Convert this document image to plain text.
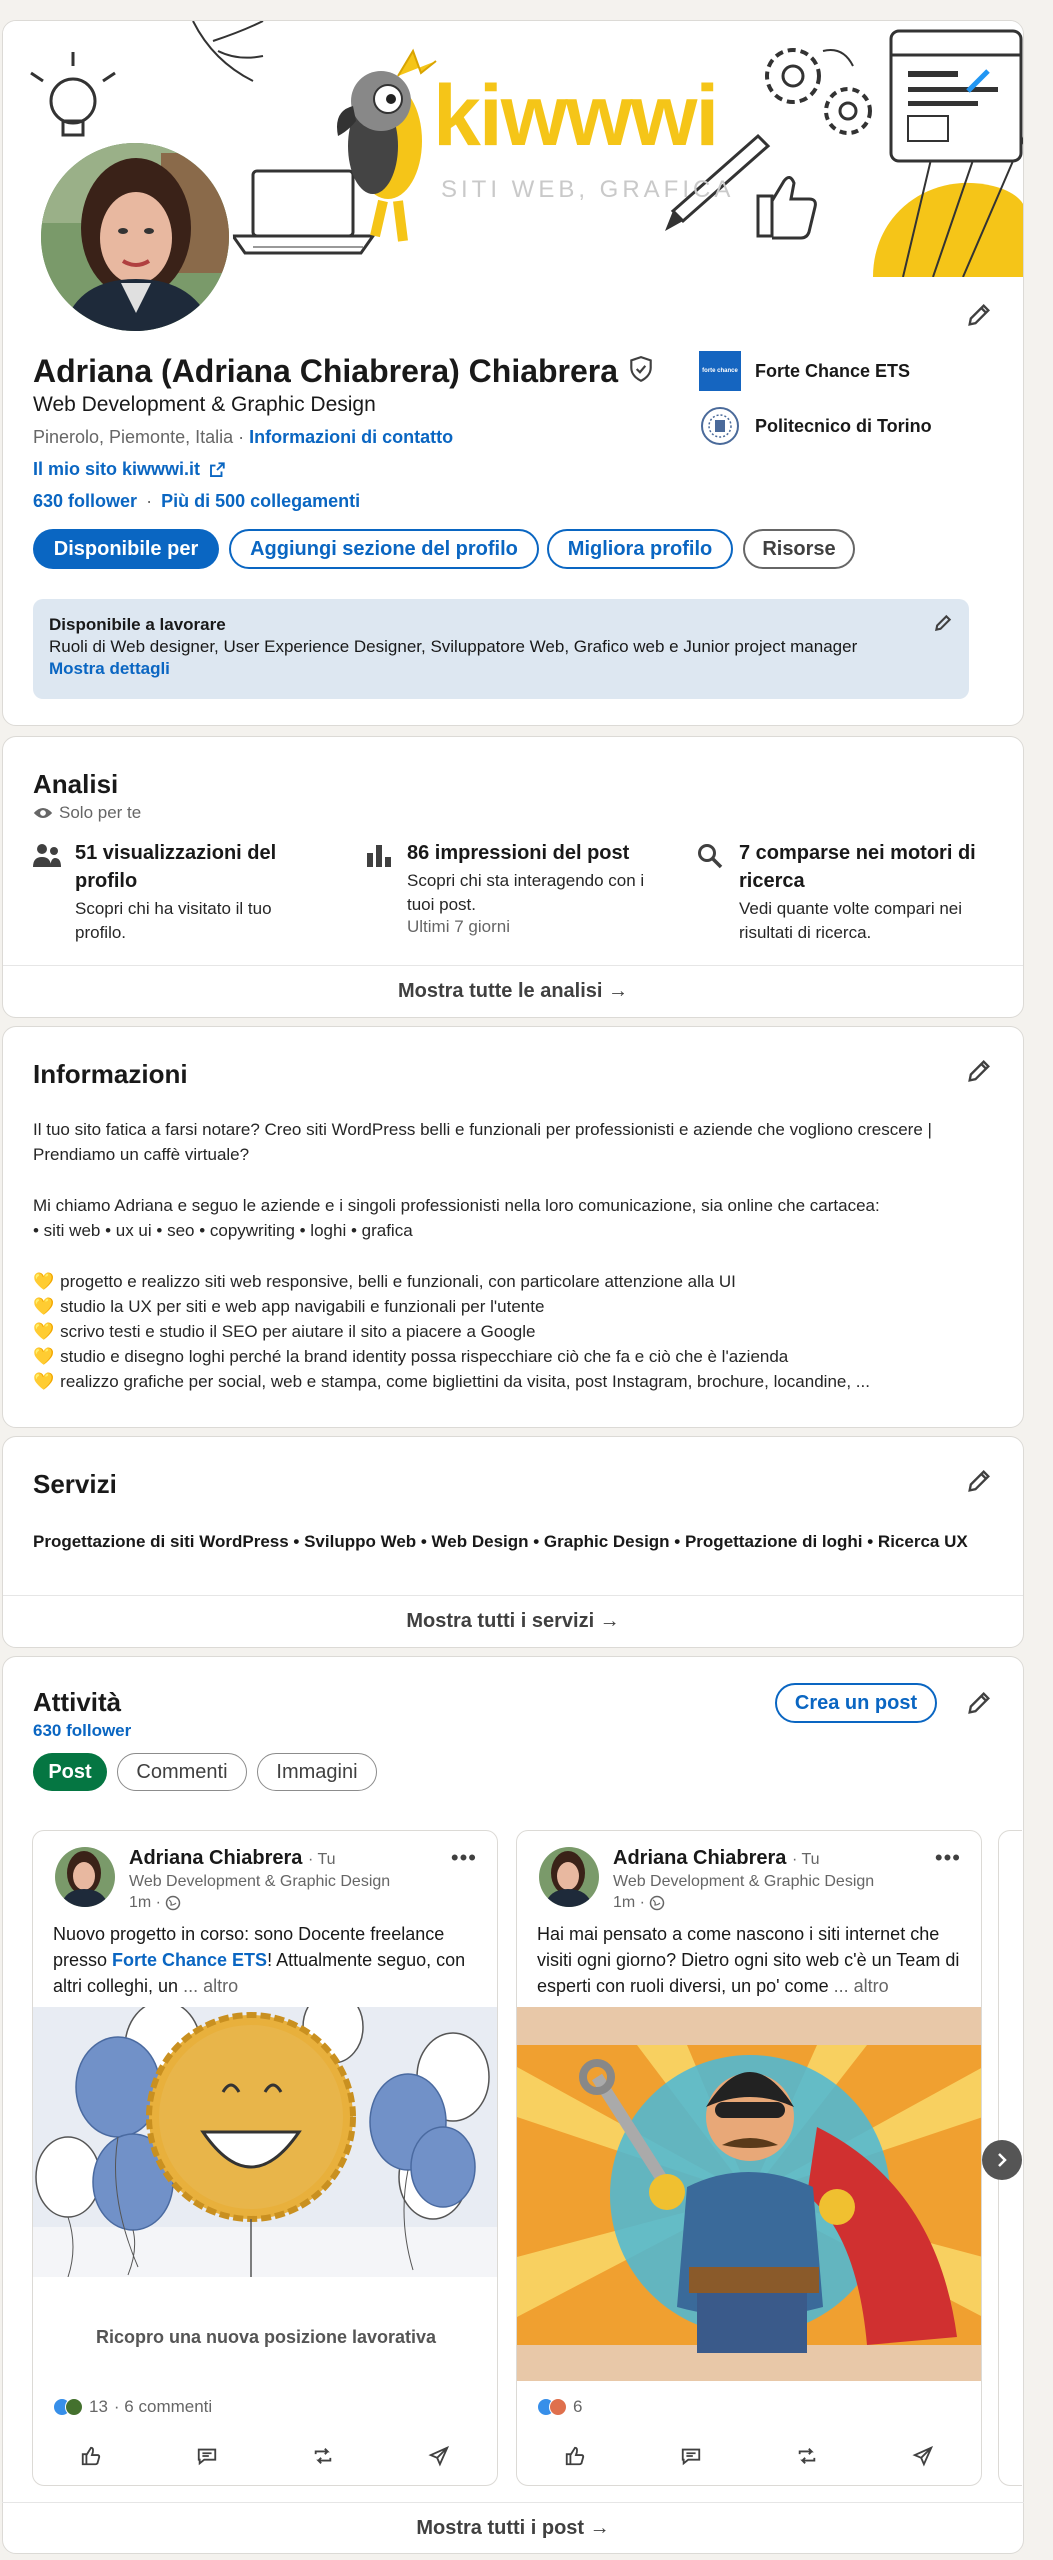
kiwwwi
SITI WEB, GRAFICA
Adriana (Adriana Chiabrera) Chiabrera
Web Development & Graphic Design
Pinerolo, Piemonte, Italia · Informazioni di contatto
Il mio sito kiwwwi.it
630 follower · Più di 500 collegamenti
forte chance Forte Chance ETS
Politecnico di Torino
Disponibile per	Aggiungi sezione del profilo	Migliora profilo	Risorse
Disponibile a lavorare
Ruoli di Web designer, User Experience Designer, Sviluppatore Web, Grafico web e Junior project manager
Mostra dettagli
Analisi
Solo per te
51 visualizzazioni del profilo
Scopri chi ha visitato il tuo profilo.
86 impressioni del post
Scopri chi sta interagendo con i tuoi post.
Ultimi 7 giorni
7 comparse nei motori di ricerca
Vedi quante volte compari nei risultati di ricerca.
Mostra tutte le analisi →
Informazioni
Il tuo sito fatica a farsi notare? Creo siti WordPress belli e funzionali per professionisti e aziende che vogliono crescere | Prendiamo un caffè virtuale?
Mi chiamo Adriana e seguo le aziende e i singoli professionisti nella loro comunicazione, sia online che cartacea:
• siti web • ux ui • seo • copywriting • loghi • grafica
💛 progetto e realizzo siti web responsive, belli e funzionali, con particolare attenzione alla UI
💛 studio la UX per siti e web app navigabili e funzionali per l'utente
💛 scrivo testi e studio il SEO per aiutare il sito a piacere a Google
💛 studio e disegno loghi perché la brand identity possa rispecchiare ciò che fa e ciò che è l'azienda
💛 realizzo grafiche per social, web e stampa, come bigliettini da visita, post Instagram, brochure, locandine, ...
Servizi
Progettazione di siti WordPress • Sviluppo Web • Web Design • Graphic Design • Progettazione di loghi • Ricerca UX
Mostra tutti i servizi →
Attività
630 follower
Crea un post
Post	Commenti	Immagini
Adriana Chiabrera · Tu
Web Development & Graphic Design
1m ·
•••
Nuovo progetto in corso: sono Docente freelance presso Forte Chance ETS! Attualmente seguo, con altri colleghi, un ... altro
Ricopro una nuova posizione lavorativa
13 · 6 commenti
Adriana Chiabrera · Tu
Web Development & Graphic Design
1m ·
•••
Hai mai pensato a come nascono i siti internet che visiti ogni giorno? Dietro ogni sito web c'è un Team di esperti con ruoli diversi, un po' come ... altro
6
Mostra tutti i post →
